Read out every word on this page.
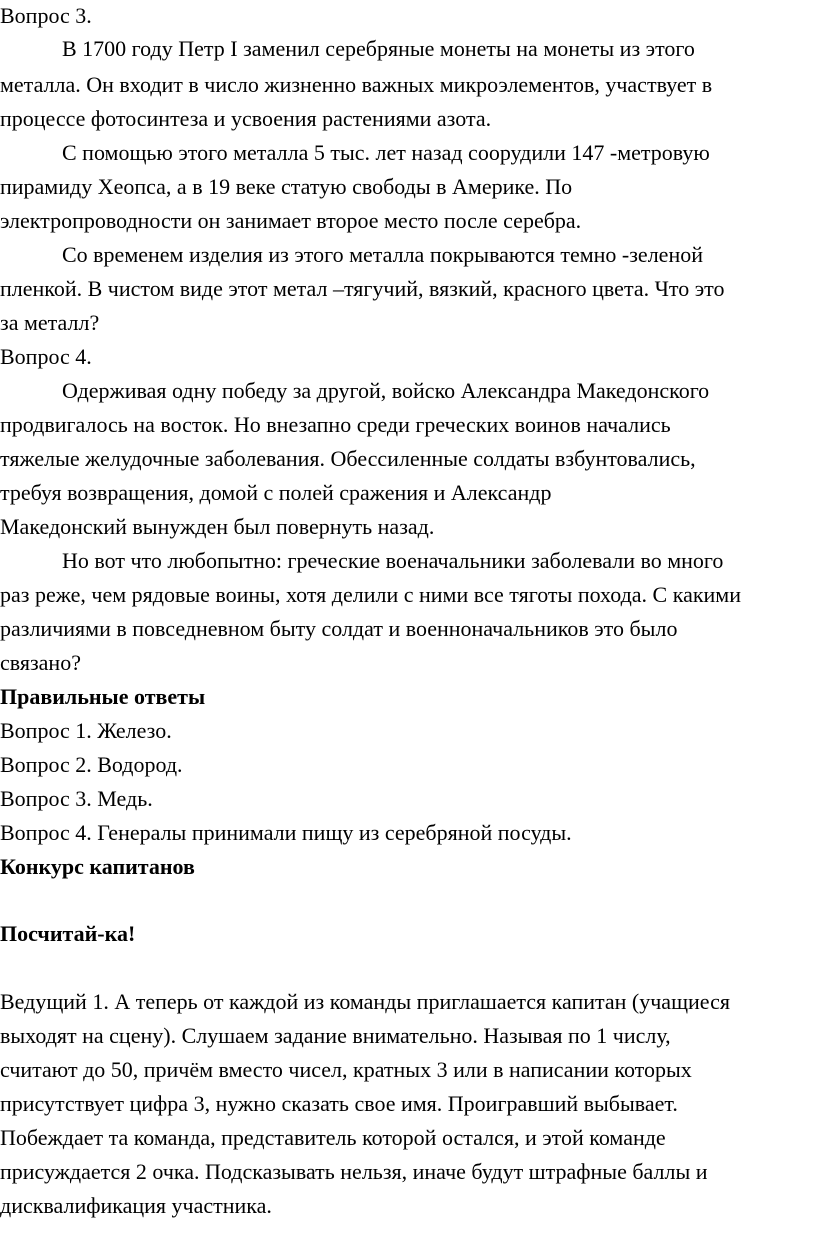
Вопрос 3.

В 1700 году Петр I заменил серебряные монеты на монеты из этого

металла. Он входит в число жизненно важных микроэлементов, участвует в

процессе фотосинтеза и усвоения растениями азота.

С помощью этого металла 5 тыс. лет назад соорудили 147 -метровую

пирамиду Хеопса, а в 19 веке статую свободы в Америке. По

электропроводности он занимает второе место после серебра.

Со временем изделия из этого металла покрываются темно -зеленой

пленкой. В чистом виде этот метал –тягучий, вязкий, красного цвета. Что это

за металл?

Вопрос 4.

Одерживая одну победу за другой, войско Александра Македонского

продвигалось на восток. Но внезапно среди греческих воинов начались

тяжелые желудочные заболевания. Обессиленные солдаты взбунтовались,

требуя возвращения, домой с полей сражения и Александр

Македонский вынужден был повернуть назад.

Но вот что любопытно: греческие военачальники заболевали во много

раз реже, чем рядовые воины, хотя делили с ними все тяготы похода. С какими

различиями в повседневном быту солдат и военноначальников это было

связано?

Правильные ответы

Вопрос 1. Железо.

Вопрос 2. Водород.

Вопрос 3. Медь.

Вопрос 4. Генералы принимали пищу из серебряной посуды.

Конкурс капитанов

Посчитай-ка!

Ведущий 1. А теперь от каждой из команды приглашается капитан (учащиеся

выходят на сцену). Слушаем задание внимательно. Называя по 1 числу,

считают до 50, причём вместо чисел, кратных 3 или в написании которых

присутствует цифра 3, нужно сказать свое имя. Проигравший выбывает.

Побеждает та команда, представитель которой остался, и этой команде

присуждается 2 очка. Подсказывать нельзя, иначе будут штрафные баллы и

дисквалификация участника.
